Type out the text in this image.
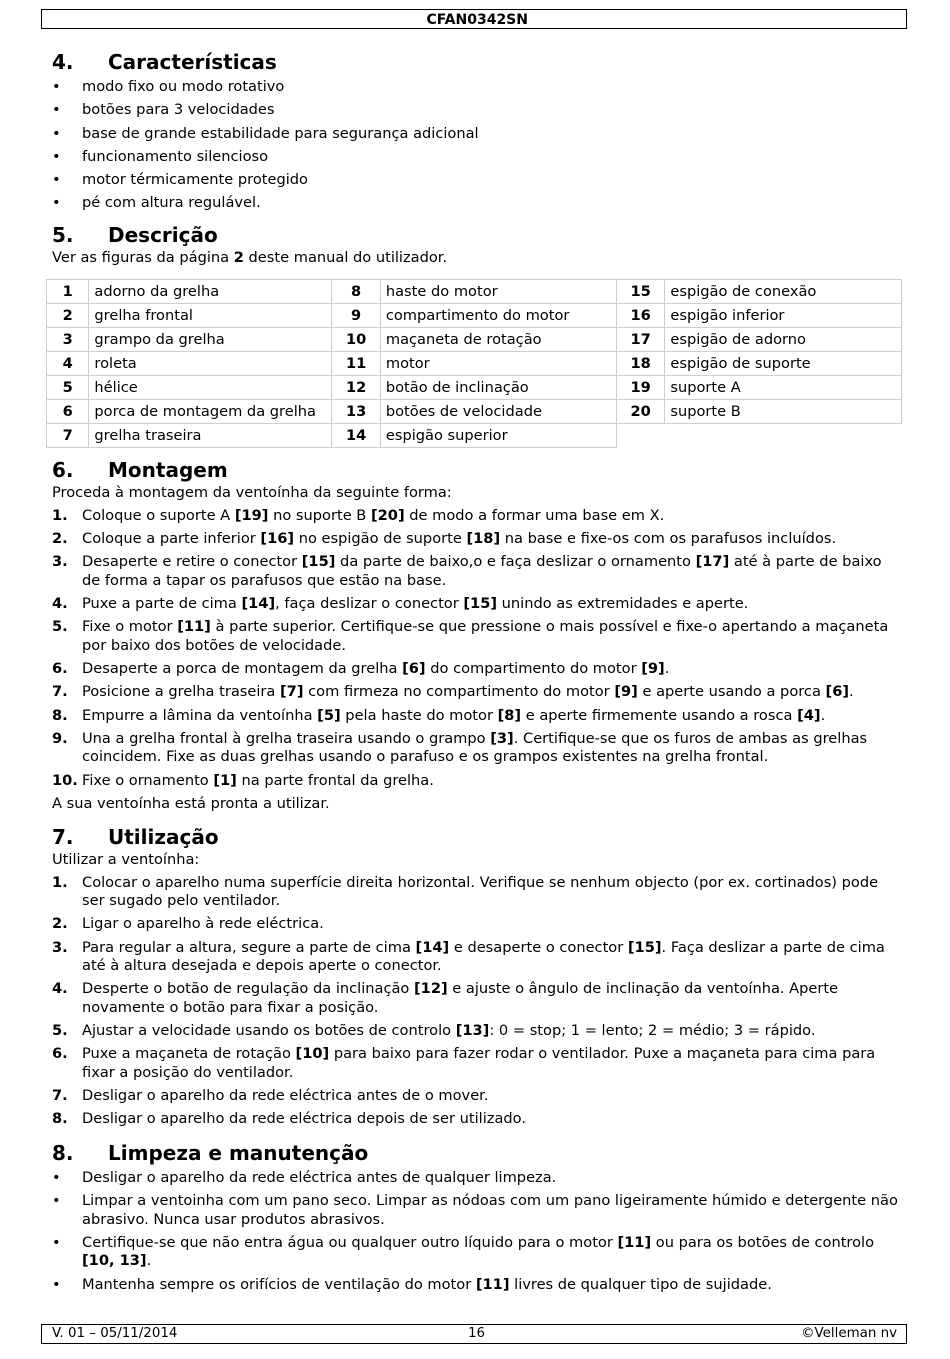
CFAN0342SN
4.	Características
• modo fixo ou modo rotativo
• botões para 3 velocidades
• base de grande estabilidade para segurança adicional
• funcionamento silencioso
• motor térmicamente protegido
• pé com altura regulável.
5.	Descrição

Ver as figuras da página 2 deste manual do utilizador.

1	adorno da grelha	8	haste do motor	15	espigão de conexão
2	grelha frontal	9	compartimento do motor	16	espigão inferior
3	grampo da grelha	10	maçaneta de rotação	17	espigão de adorno
4	roleta	11	motor	18	espigão de suporte
5	hélice	12	botão de inclinação	19	suporte A
6	porca de montagem da grelha	13	botões de velocidade	20	suporte B
7	grelha traseira	14	espigão superior		
6.	Montagem

Proceda à montagem da ventoínha da seguinte forma:

1. Coloque o suporte A [19] no suporte B [20] de modo a formar uma base em X.
2. Coloque a parte inferior [16] no espigão de suporte [18] na base e fixe-os com os parafusos incluídos.
3. Desaperte e retire o conector [15] da parte de baixo,o e faça deslizar o ornamento [17] até à parte de baixo de forma a tapar os parafusos que estão na base.
4. Puxe a parte de cima [14], faça deslizar o conector [15] unindo as extremidades e aperte.
5. Fixe o motor [11] à parte superior. Certifique-se que pressione o mais possível e fixe-o apertando a maçaneta por baixo dos botões de velocidade.
6. Desaperte a porca de montagem da grelha [6] do compartimento do motor [9].
7. Posicione a grelha traseira [7] com firmeza no compartimento do motor [9] e aperte usando a porca [6].
8. Empurre a lâmina da ventoínha [5] pela haste do motor [8] e aperte firmemente usando a rosca [4].
9. Una a grelha frontal à grelha traseira usando o grampo [3]. Certifique-se que os furos de ambas as grelhas coincidem. Fixe as duas grelhas usando o parafuso e os grampos existentes na grelha frontal.
10. Fixe o ornamento [1] na parte frontal da grelha.

A sua ventoínha está pronta a utilizar.

7.	Utilização

Utilizar a ventoínha:

1. Colocar o aparelho numa superfície direita horizontal. Verifique se nenhum objecto (por ex. cortinados) pode ser sugado pelo ventilador.
2. Ligar o aparelho à rede eléctrica.
3. Para regular a altura, segure a parte de cima [14] e desaperte o conector [15]. Faça deslizar a parte de cima até à altura desejada e depois aperte o conector.
4. Desperte o botão de regulação da inclinação [12] e ajuste o ângulo de inclinação da ventoínha. Aperte novamente o botão para fixar a posição.
5. Ajustar a velocidade usando os botões de controlo [13]: 0 = stop; 1 = lento; 2 = médio; 3 = rápido.
6. Puxe a maçaneta de rotação [10] para baixo para fazer rodar o ventilador. Puxe a maçaneta para cima para fixar a posição do ventilador.
7. Desligar o aparelho da rede eléctrica antes de o mover.
8. Desligar o aparelho da rede eléctrica depois de ser utilizado.
8.	Limpeza e manutenção
• Desligar o aparelho da rede eléctrica antes de qualquer limpeza.
• Limpar a ventoinha com um pano seco. Limpar as nódoas com um pano ligeiramente húmido e detergente não abrasivo. Nunca usar produtos abrasivos.
• Certifique-se que não entra água ou qualquer outro líquido para o motor [11] ou para os botões de controlo [10, 13].
• Mantenha sempre os orifícios de ventilação do motor [11] livres de qualquer tipo de sujidade.
V. 01 – 05/11/2014	16	©Velleman nv
